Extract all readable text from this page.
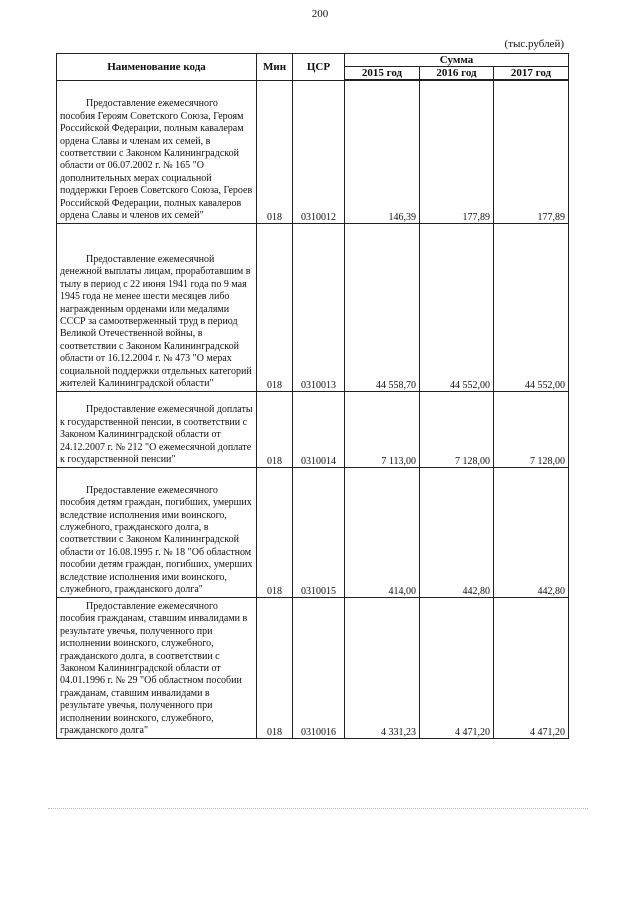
200
(тыс.рублей)
Наименование кода	Мин	ЦСР	Сумма		
			2015 год	2016 год	2017 год

Предоставление ежемесячного пособия Героям Советского Союза, Героям Российской Федерации, полным кавалерам ордена Славы и членам их семей, в соответствии с Законом Калининградской области от 06.07.2002 г. № 165 "О дополнительных мерах социальной поддержки Героев Советского Союза, Героев Российской Федерации, полных кавалеров ордена Славы и членов их семей"	018	0310012	146,39	177,89	177,89

Предоставление ежемесячной денежной выплаты лицам, проработавшим в тылу в период с 22 июня 1941 года по 9 мая 1945 года не менее шести месяцев либо награжденным орденами или медалями СССР за самоотверженный труд в период Великой Отечественной войны, в соответствии с Законом Калининградской области от 16.12.2004 г. № 473 "О мерах социальной поддержки отдельных категорий жителей Калининградской области"	018	0310013	44 558,70	44 552,00	44 552,00

Предоставление ежемесячной доплаты к государственной пенсии, в соответствии с Законом Калининградской области от 24.12.2007 г. № 212 "О ежемесячной доплате к государственной пенсии"	018	0310014	7 113,00	7 128,00	7 128,00

Предоставление ежемесячного пособия детям граждан, погибших, умерших вследствие исполнения ими воинского, служебного, гражданского долга, в соответствии с Законом Калининградской области от 16.08.1995 г. № 18 "Об областном пособии детям граждан, погибших, умерших вследствие исполнения ими воинского, служебного, гражданского долга"	018	0310015	414,00	442,80	442,80

Предоставление ежемесячного пособия гражданам, ставшим инвалидами в результате увечья, полученного при исполнении воинского, служебного, гражданского долга, в соответствии с Законом Калининградской области от 04.01.1996 г. № 29 "Об областном пособии гражданам, ставшим инвалидами в результате увечья, полученного при исполнении воинского, служебного, гражданского долга"	018	0310016	4 331,23	4 471,20	4 471,20
